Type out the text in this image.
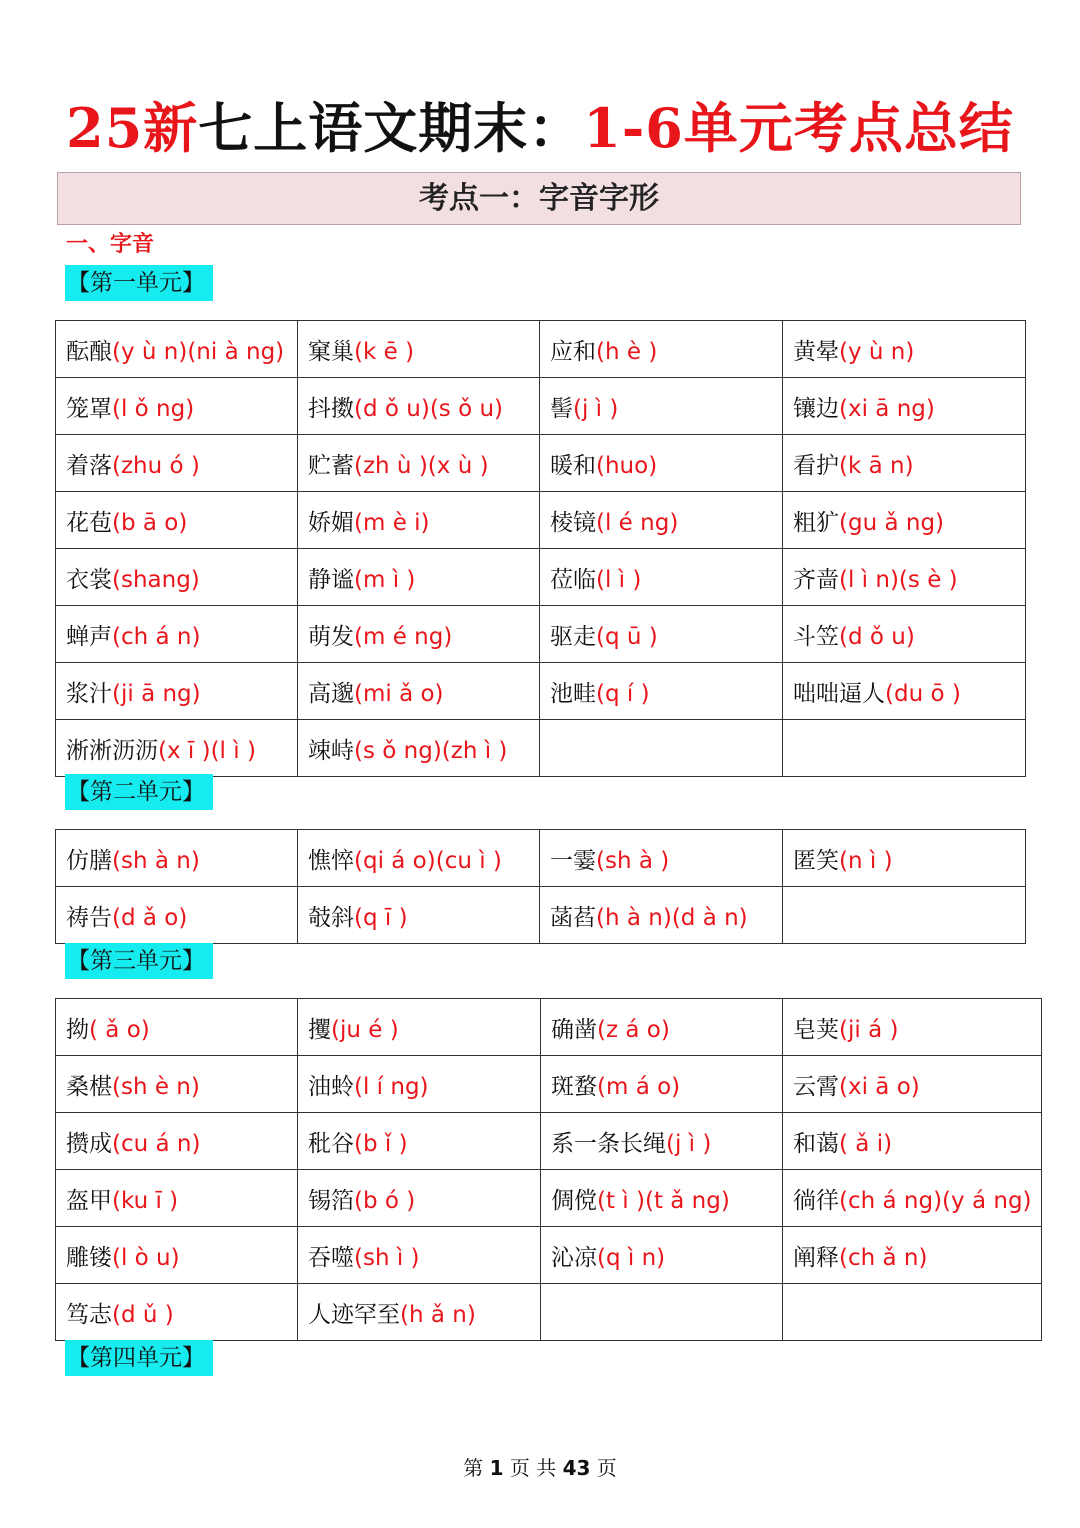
25新七上语文期末：1-6单元考点总结
考点一：字音字形
一、字音
【第一单元】
酝酿(y ù n)(ni à ng)	窠巢(k ē )	应和(h è )	黄晕(y ù n)
笼罩(l ǒ ng)	抖擞(d ǒ u)(s ǒ u)	髻(j ì )	镶边(xi ā ng)
着落(zhu ó )	贮蓄(zh ù )(x ù )	暖和(huo)	看护(k ā n)
花苞(b ā o)	娇媚(m è i)	棱镜(l é ng)	粗犷(gu ǎ ng)
衣裳(shang)	静谧(m ì )	莅临(l ì )	齐啬(l ì n)(s è )
蝉声(ch á n)	萌发(m é ng)	驱走(q ū )	斗笠(d ǒ u)
浆汁(ji ā ng)	高邈(mi ǎ o)	池畦(q í )	咄咄逼人(du ō )
淅淅沥沥(x ī )(l ì )	竦峙(s ǒ ng)(zh ì )		
【第二单元】
仿膳(sh à n)	憔悴(qi á o)(cu ì )	一霎(sh à )	匿笑(n ì )
祷告(d ǎ o)	攲斜(q ī )	菡萏(h à n)(d à n)	
【第三单元】
拗( ǎ o)	攫(ju é )	确凿(z á o)	皂荚(ji á )
桑椹(sh è n)	油蛉(l í ng)	斑蝥(m á o)	云霄(xi ā o)
攒成(cu á n)	秕谷(b ǐ )	系一条长绳(j ì )	和蔼( ǎ i)
盔甲(ku ī )	锡箔(b ó )	倜傥(t ì )(t ǎ ng)	徜徉(ch á ng)(y á ng)
雕镂(l ò u)	吞噬(sh ì )	沁凉(q ì n)	阐释(ch ǎ n)
笃志(d ǔ )	人迹罕至(h ǎ n)		
【第四单元】
第 1 页 共 43 页
